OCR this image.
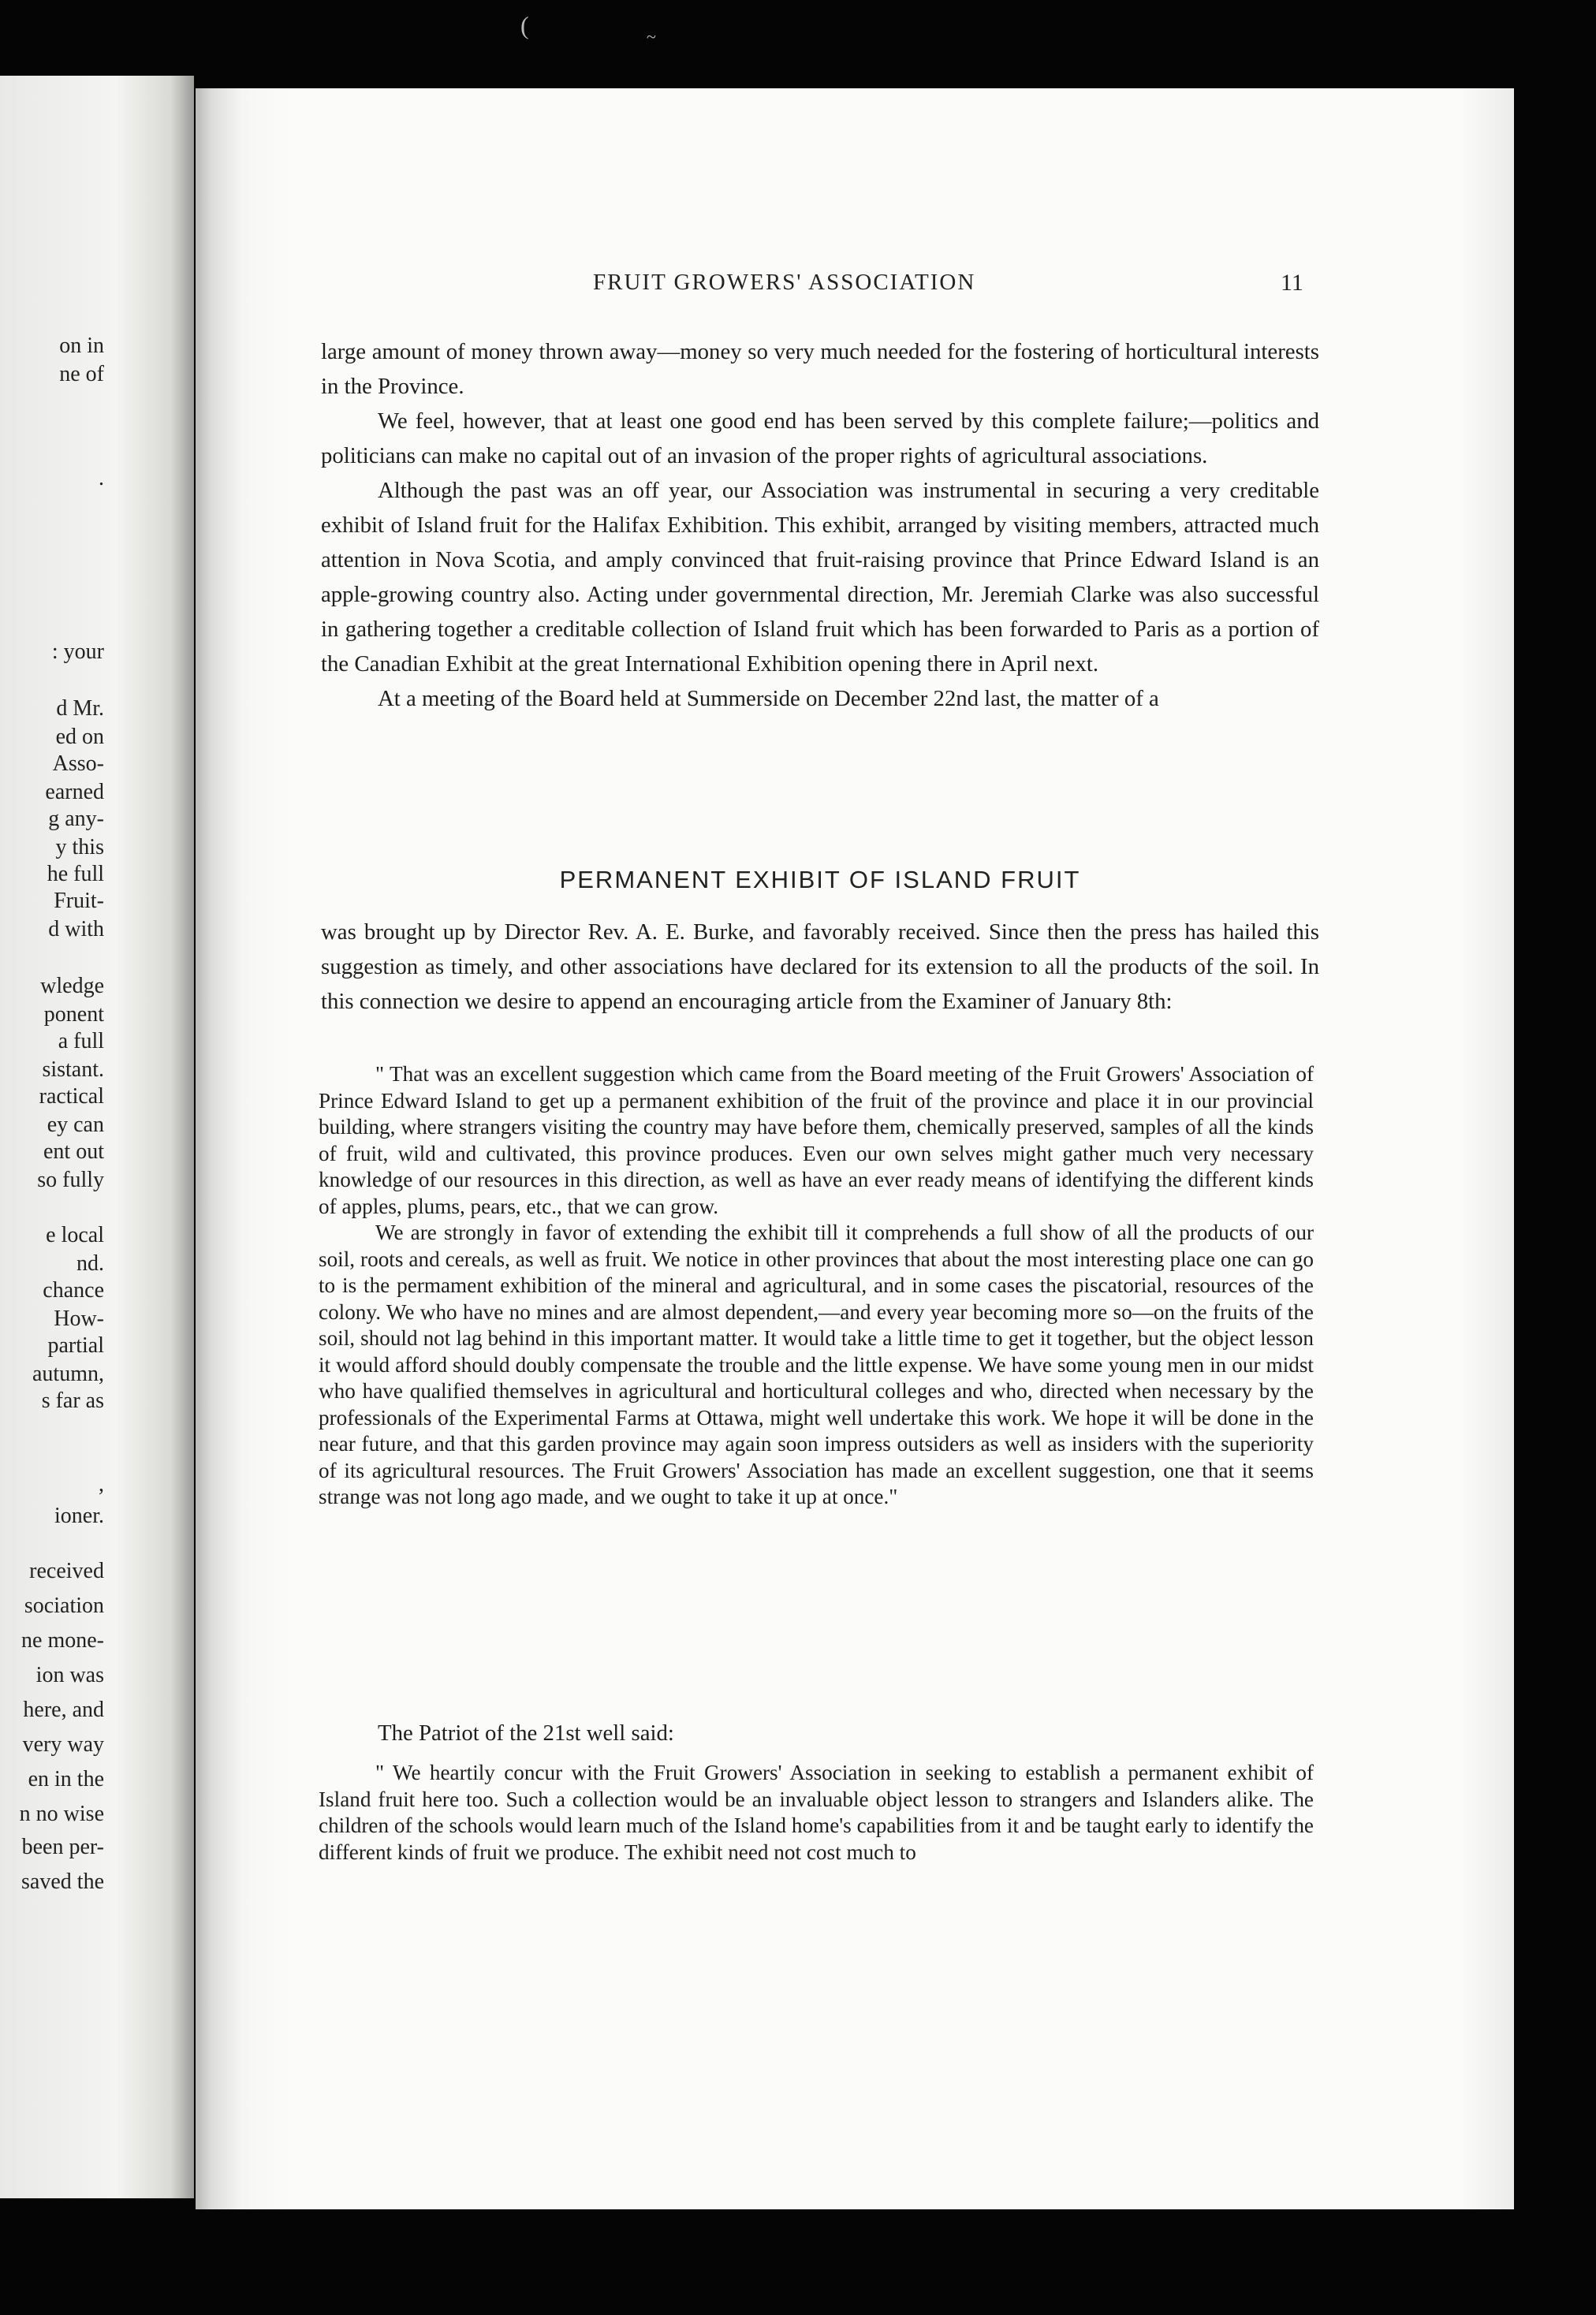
on in
ne of
.
: your
d Mr.
ed on
Asso-
earned
g any-
y this
he full
Fruit-
d with
wledge
ponent
a full
sistant.
ractical
ey can
ent out
so fully
e local
nd.
chance
How-
partial
autumn,
s far as
,
ioner.
received
sociation
ne mone-
ion was
here, and
very way
en in the
n no wise
been per-
saved the
FRUIT GROWERS' ASSOCIATION	11

large amount of money thrown away—money so very much needed for the fostering of horticultural interests in the Province.

We feel, however, that at least one good end has been served by this complete failure;—politics and politicians can make no capital out of an invasion of the proper rights of agricultural associations.

Although the past was an off year, our Association was instrumental in securing a very creditable exhibit of Island fruit for the Halifax Exhibition. This exhibit, arranged by visiting members, attracted much attention in Nova Scotia, and amply convinced that fruit-raising province that Prince Edward Island is an apple-growing country also. Acting under governmental direction, Mr. Jeremiah Clarke was also successful in gathering together a creditable collection of Island fruit which has been forwarded to Paris as a portion of the Canadian Exhibit at the great International Exhibition opening there in April next.

At a meeting of the Board held at Summerside on December 22nd last, the matter of a

PERMANENT EXHIBIT OF ISLAND FRUIT

was brought up by Director Rev. A. E. Burke, and favorably received. Since then the press has hailed this suggestion as timely, and other associations have declared for its extension to all the products of the soil. In this connection we desire to append an encouraging article from the Examiner of January 8th:

" That was an excellent suggestion which came from the Board meeting of the Fruit Growers' Association of Prince Edward Island to get up a permanent exhibition of the fruit of the province and place it in our provincial building, where strangers visiting the country may have before them, chemically preserved, samples of all the kinds of fruit, wild and cultivated, this province produces. Even our own selves might gather much very necessary knowledge of our resources in this direction, as well as have an ever ready means of identifying the different kinds of apples, plums, pears, etc., that we can grow.

We are strongly in favor of extending the exhibit till it comprehends a full show of all the products of our soil, roots and cereals, as well as fruit. We notice in other provinces that about the most interesting place one can go to is the permament exhibition of the mineral and agricultural, and in some cases the piscatorial, resources of the colony. We who have no mines and are almost dependent,—and every year becoming more so—on the fruits of the soil, should not lag behind in this important matter. It would take a little time to get it together, but the object lesson it would afford should doubly compensate the trouble and the little expense. We have some young men in our midst who have qualified themselves in agricultural and horticultural colleges and who, directed when necessary by the professionals of the Experimental Farms at Ottawa, might well undertake this work. We hope it will be done in the near future, and that this garden province may again soon impress outsiders as well as insiders with the superiority of its agricultural resources. The Fruit Growers' Association has made an excellent suggestion, one that it seems strange was not long ago made, and we ought to take it up at once."

The Patriot of the 21st well said:

" We heartily concur with the Fruit Growers' Association in seeking to establish a permanent exhibit of Island fruit here too. Such a collection would be an invaluable object lesson to strangers and Islanders alike. The children of the schools would learn much of the Island home's capabilities from it and be taught early to identify the different kinds of fruit we produce. The exhibit need not cost much to

(	~
